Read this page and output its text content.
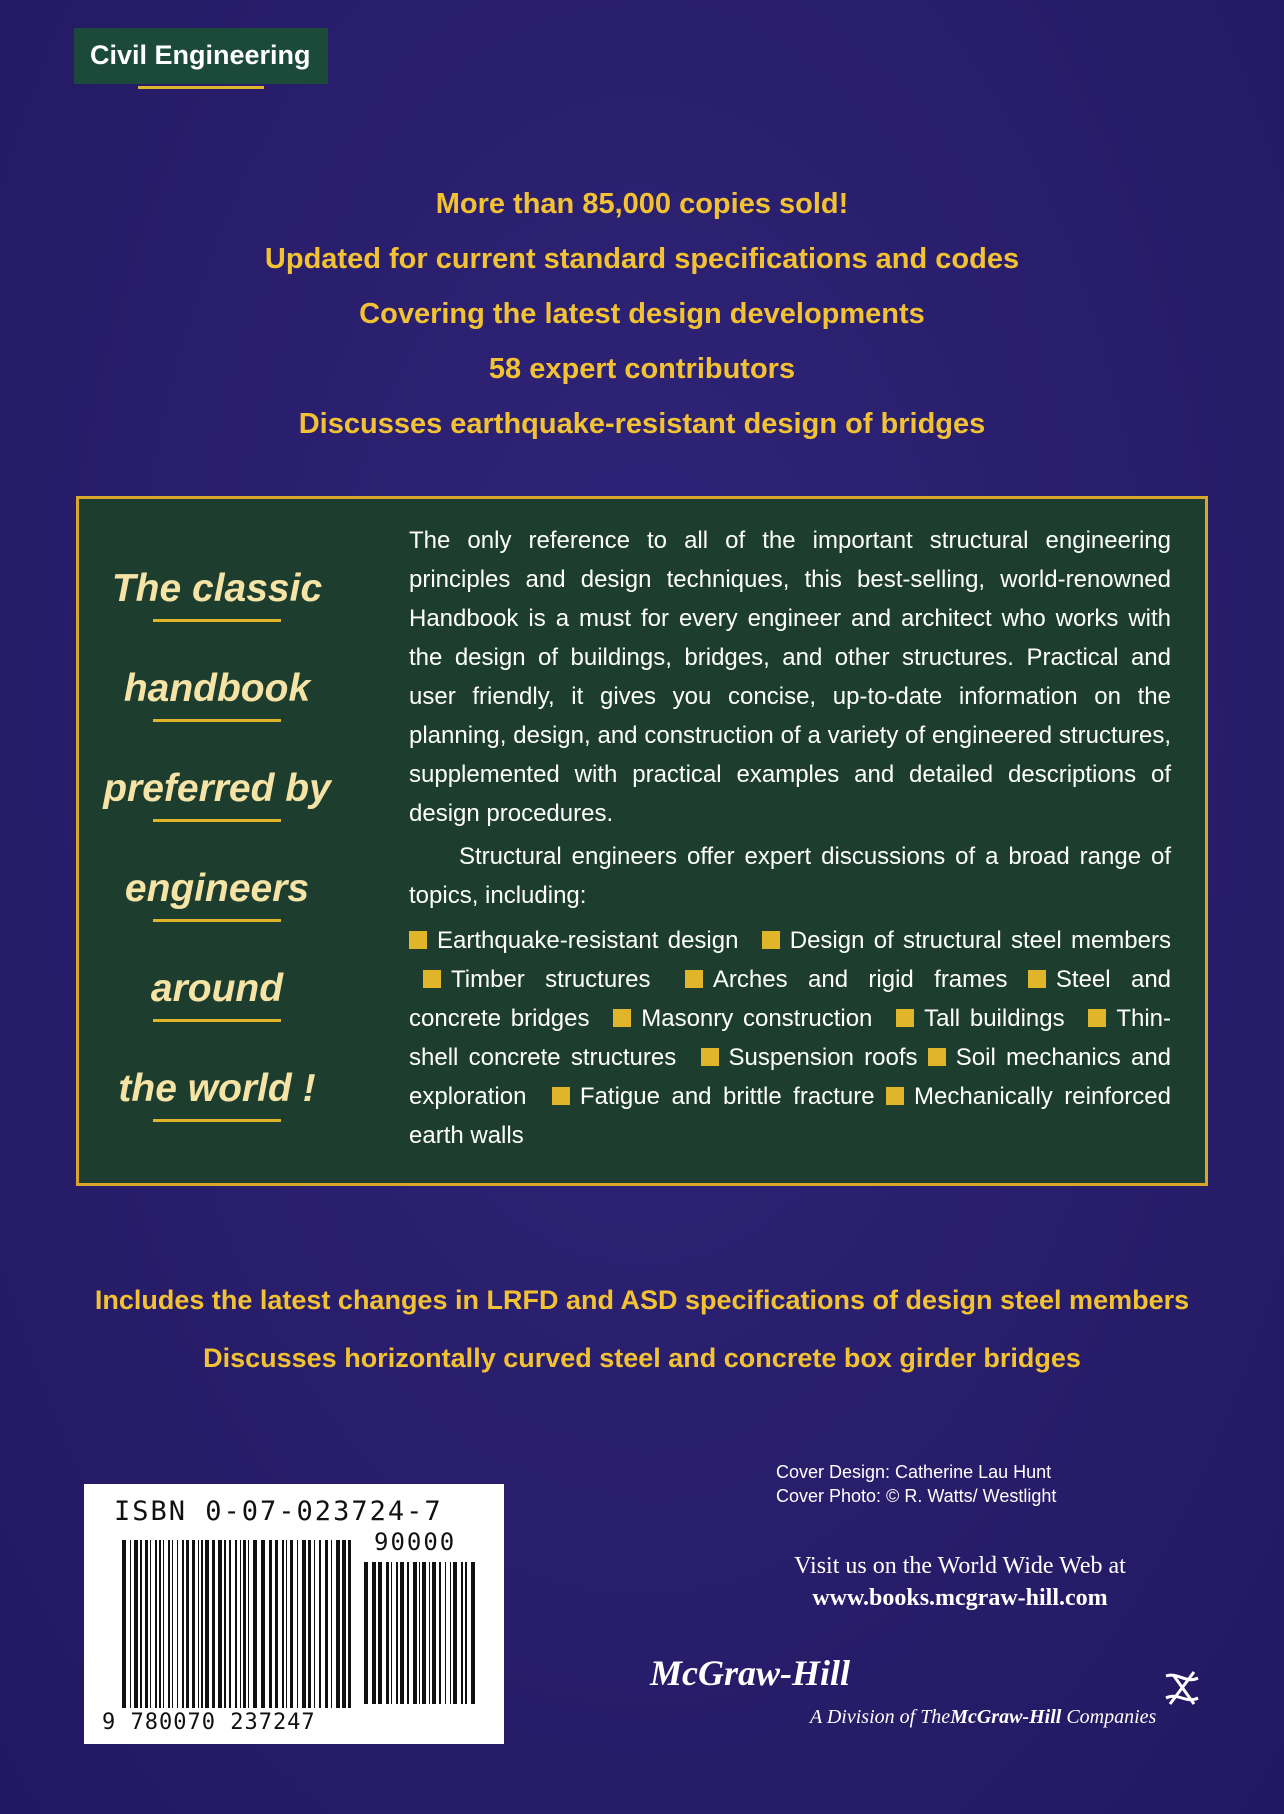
Civil Engineering
More than 85,000 copies sold!
Updated for current standard specifications and codes
Covering the latest design developments
58 expert contributors
Discusses earthquake-resistant design of bridges
The classic
handbook
preferred by
engineers
around
the world !

The only reference to all of the important structural engineering principles and design techniques, this best-selling, world-renowned Handbook is a must for every engineer and architect who works with the design of buildings, bridges, and other structures. Practical and user friendly, it gives you concise, up-to-date information on the planning, design, and construction of a variety of engineered structures, supplemented with practical examples and detailed descriptions of design procedures.

Structural engineers offer expert discussions of a broad range of topics, including:

Earthquake-resistant design Design of structural steel members Timber structures	Arches and rigid frames Steel and concrete bridges Masonry construction Tall buildings Thin-shell concrete structures Suspension roofs Soil mechanics and exploration Fatigue and brittle fracture Mechanically reinforced earth walls
Includes the latest changes in LRFD and ASD specifications of design steel members
Discusses horizontally curved steel and concrete box girder bridges
ISBN 0-07-023724-7
90000
9 780070 237247
Cover Design: Catherine Lau Hunt
Cover Photo: © R. Watts/ Westlight
Visit us on the World Wide Web at
www.books.mcgraw-hill.com
McGraw-Hill
A Division of TheMcGraw-Hill Companies
